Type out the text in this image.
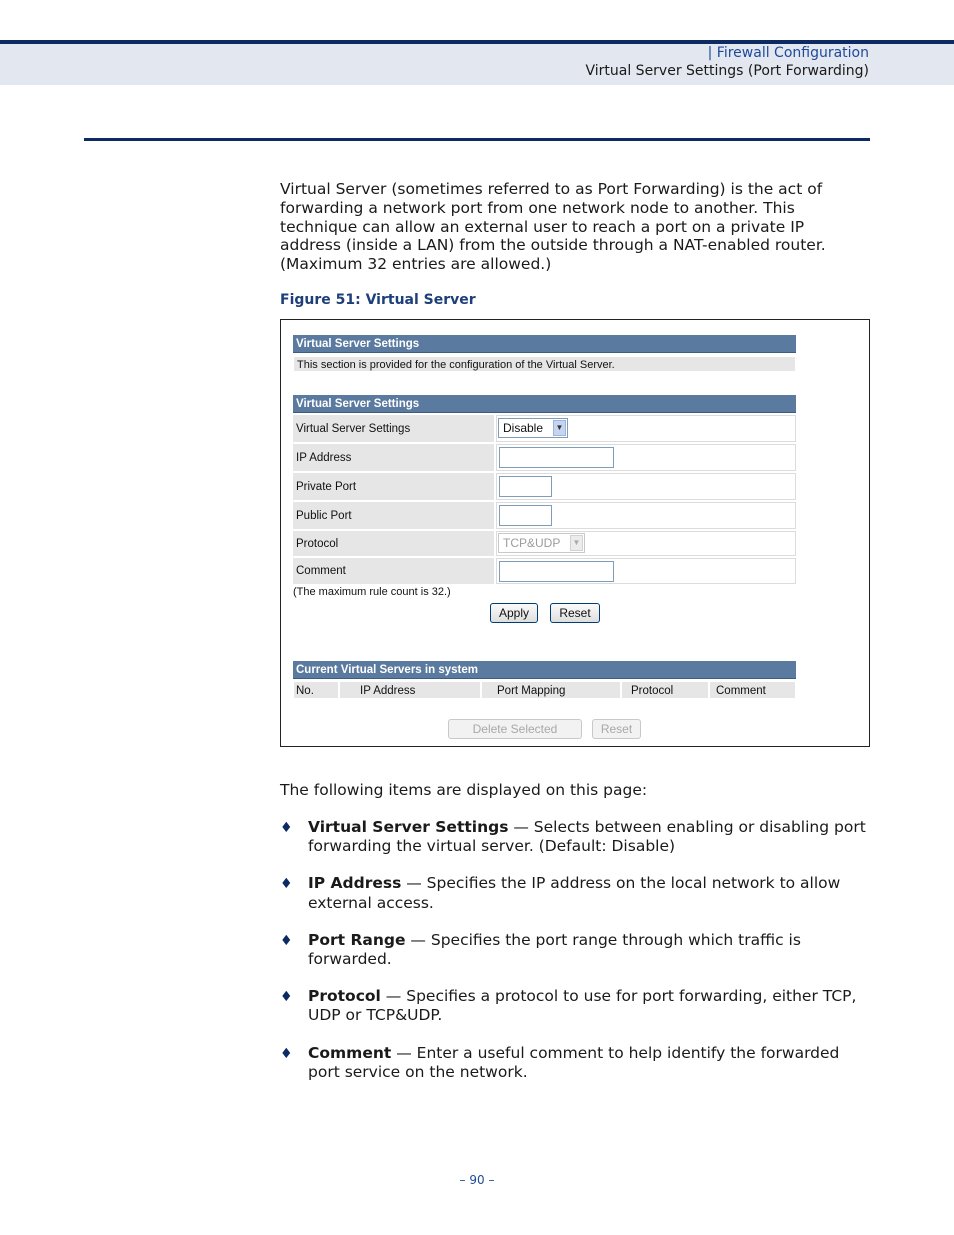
| Firewall Configuration
Virtual Server Settings (Port Forwarding)

Virtual Server (sometimes referred to as Port Forwarding) is the act of forwarding a network port from one network node to another. This technique can allow an external user to reach a port on a private IP address (inside a LAN) from the outside through a NAT-enabled router. (Maximum 32 entries are allowed.)

Figure 51: Virtual Server
Virtual Server Settings
This section is provided for the configuration of the Virtual Server.
Virtual Server Settings
Virtual Server Settings	Disable	▼
IP Address
Private Port
Public Port
Protocol	TCP&UDP	▼
Comment
(The maximum rule count is 32.)
Apply	Reset
Current Virtual Servers in system
No.	IP Address	Port Mapping	Protocol	Comment
Delete Selected	Reset

The following items are displayed on this page:

♦ Virtual Server Settings — Selects between enabling or disabling port forwarding the virtual server. (Default: Disable)
♦ IP Address — Specifies the IP address on the local network to allow external access.
♦ Port Range — Specifies the port range through which traffic is forwarded.
♦ Protocol — Specifies a protocol to use for port forwarding, either TCP, UDP or TCP&UDP.
♦ Comment — Enter a useful comment to help identify the forwarded port service on the network.
– 90 –
